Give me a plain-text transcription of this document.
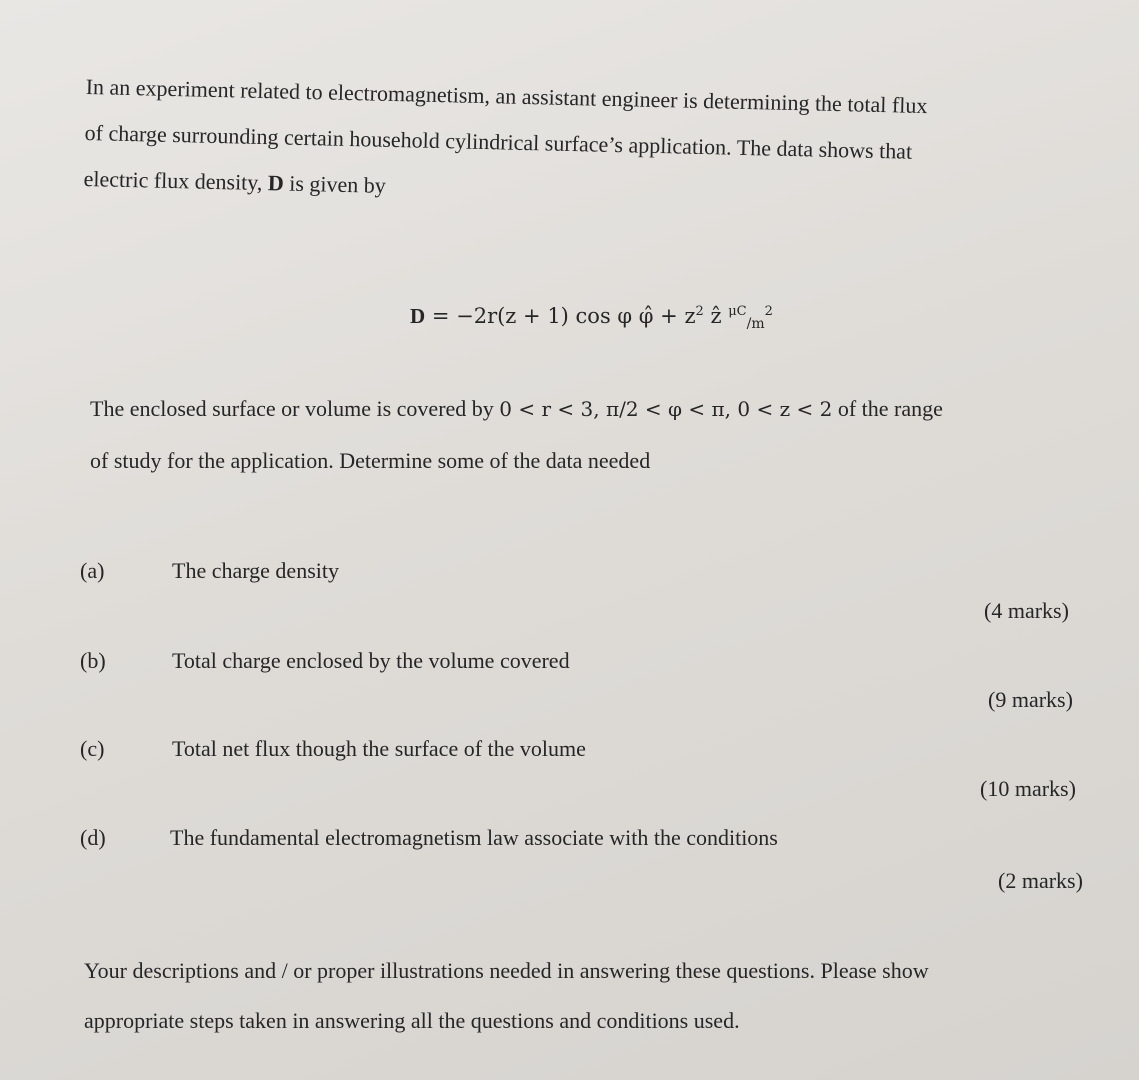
In an experiment related to electromagnetism, an assistant engineer is determining the total flux
of charge surrounding certain household cylindrical surface’s application. The data shows that
electric flux density, D is given by
D = −2r(z + 1) cos φ φ̂ + $z^2$ ẑ $^{\mu C}_{/m}^2$
The enclosed surface or volume is covered by 0 < r < 3, π/2 < φ < π, 0 < z < 2 of the range
of study for the application. Determine some of the data needed
(a)	The charge density
(4 marks)
(b)	Total charge enclosed by the volume covered
(9 marks)
(c)	Total net flux though the surface of the volume
(10 marks)
(d)	The fundamental electromagnetism law associate with the conditions
(2 marks)
Your descriptions and / or proper illustrations needed in answering these questions. Please show
appropriate steps taken in answering all the questions and conditions used.
